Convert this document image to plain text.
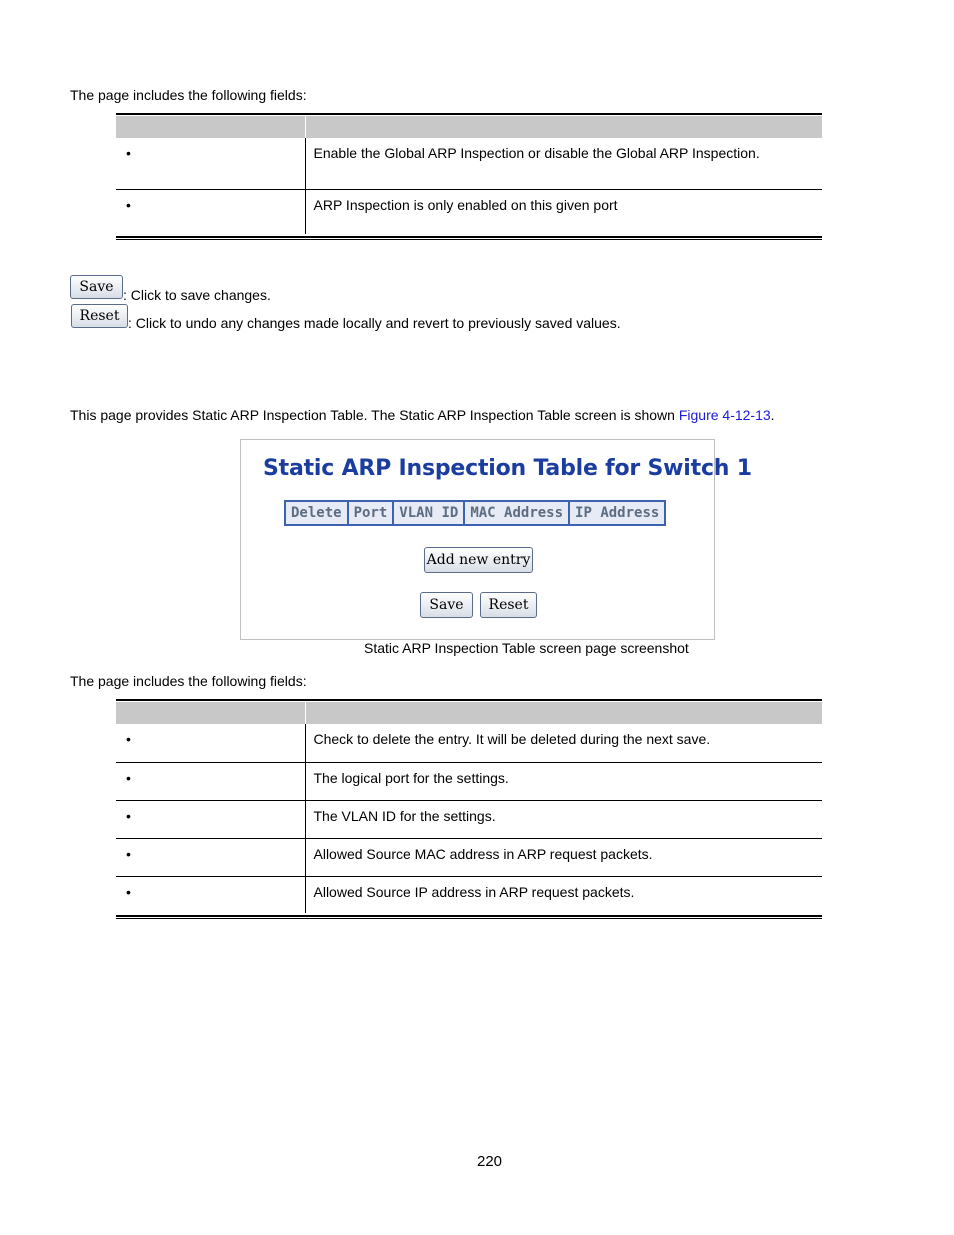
The page includes the following fields:

•	Enable the Global ARP Inspection or disable the Global ARP Inspection.
•	ARP Inspection is only enabled on this given port
Save : Click to save changes.
Reset : Click to undo any changes made locally and revert to previously saved values.
This page provides Static ARP Inspection Table. The Static ARP Inspection Table screen is shown Figure 4-12-13.
Static ARP Inspection Table for Switch 1
Delete Port VLAN ID MAC Address IP Address
Add new entry
Save	Reset
Static ARP Inspection Table screen page screenshot
The page includes the following fields:

•	Check to delete the entry. It will be deleted during the next save.
•	The logical port for the settings.
•	The VLAN ID for the settings.
•	Allowed Source MAC address in ARP request packets.
•	Allowed Source IP address in ARP request packets.
220
